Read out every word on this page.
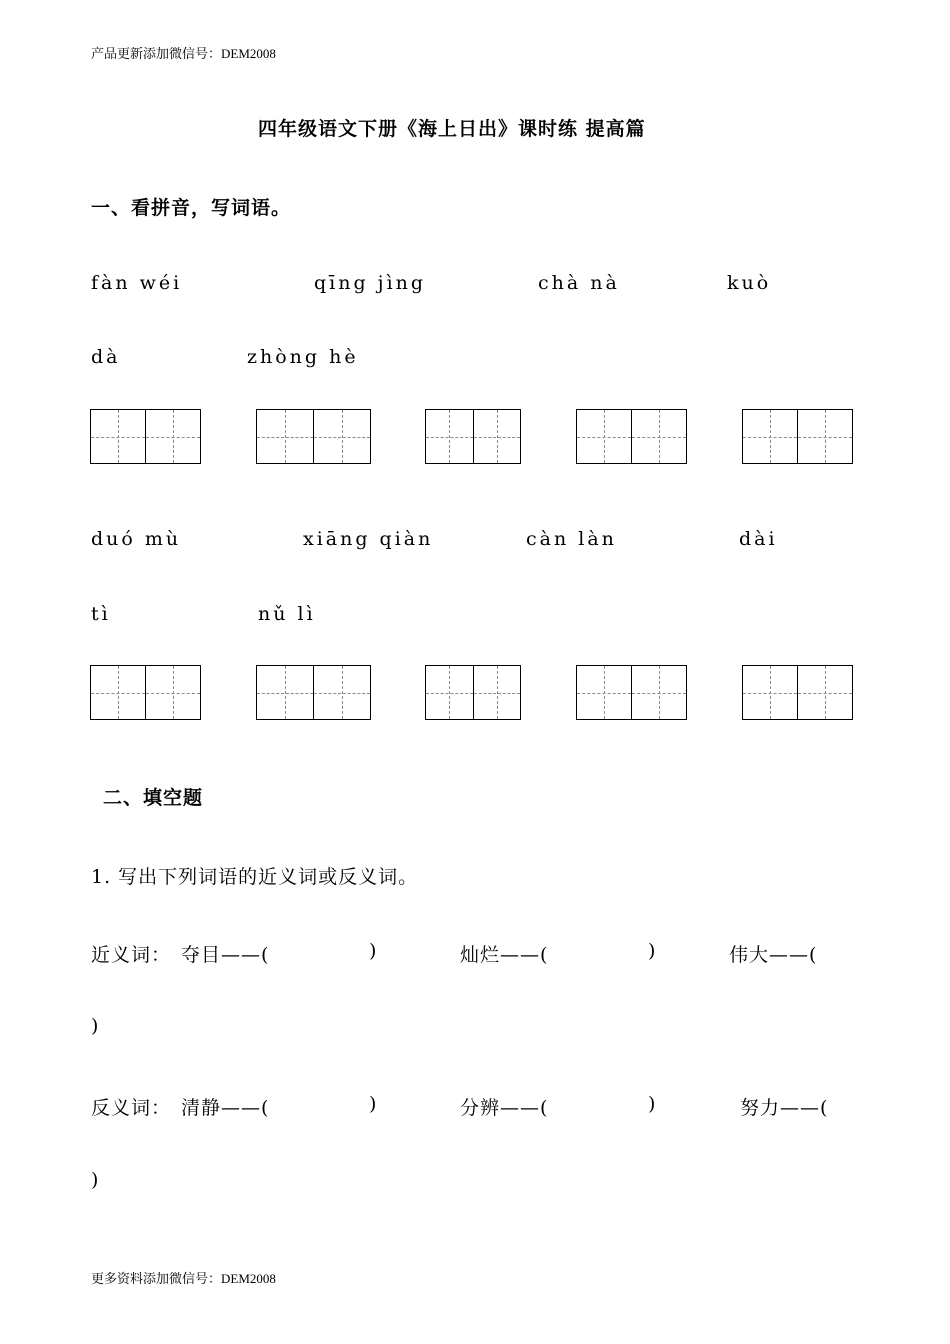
产品更新添加微信号：DEM2008
四年级语文下册《海上日出》课时练 提高篇
一、看拼音，写词语。
fàn wéi	qīng jìng	chà nà	kuò
dà	zhòng hè
duó mù	xiāng qiàn	càn làn	dài
tì	nǔ lì
二、填空题
1. 写出下列词语的近义词或反义词。
近义词： 夺目——(	)	灿烂——(	)	伟大——(
)
反义词： 清静——(	)	分辨——(	)	努力——(
)
更多资料添加微信号：DEM2008
